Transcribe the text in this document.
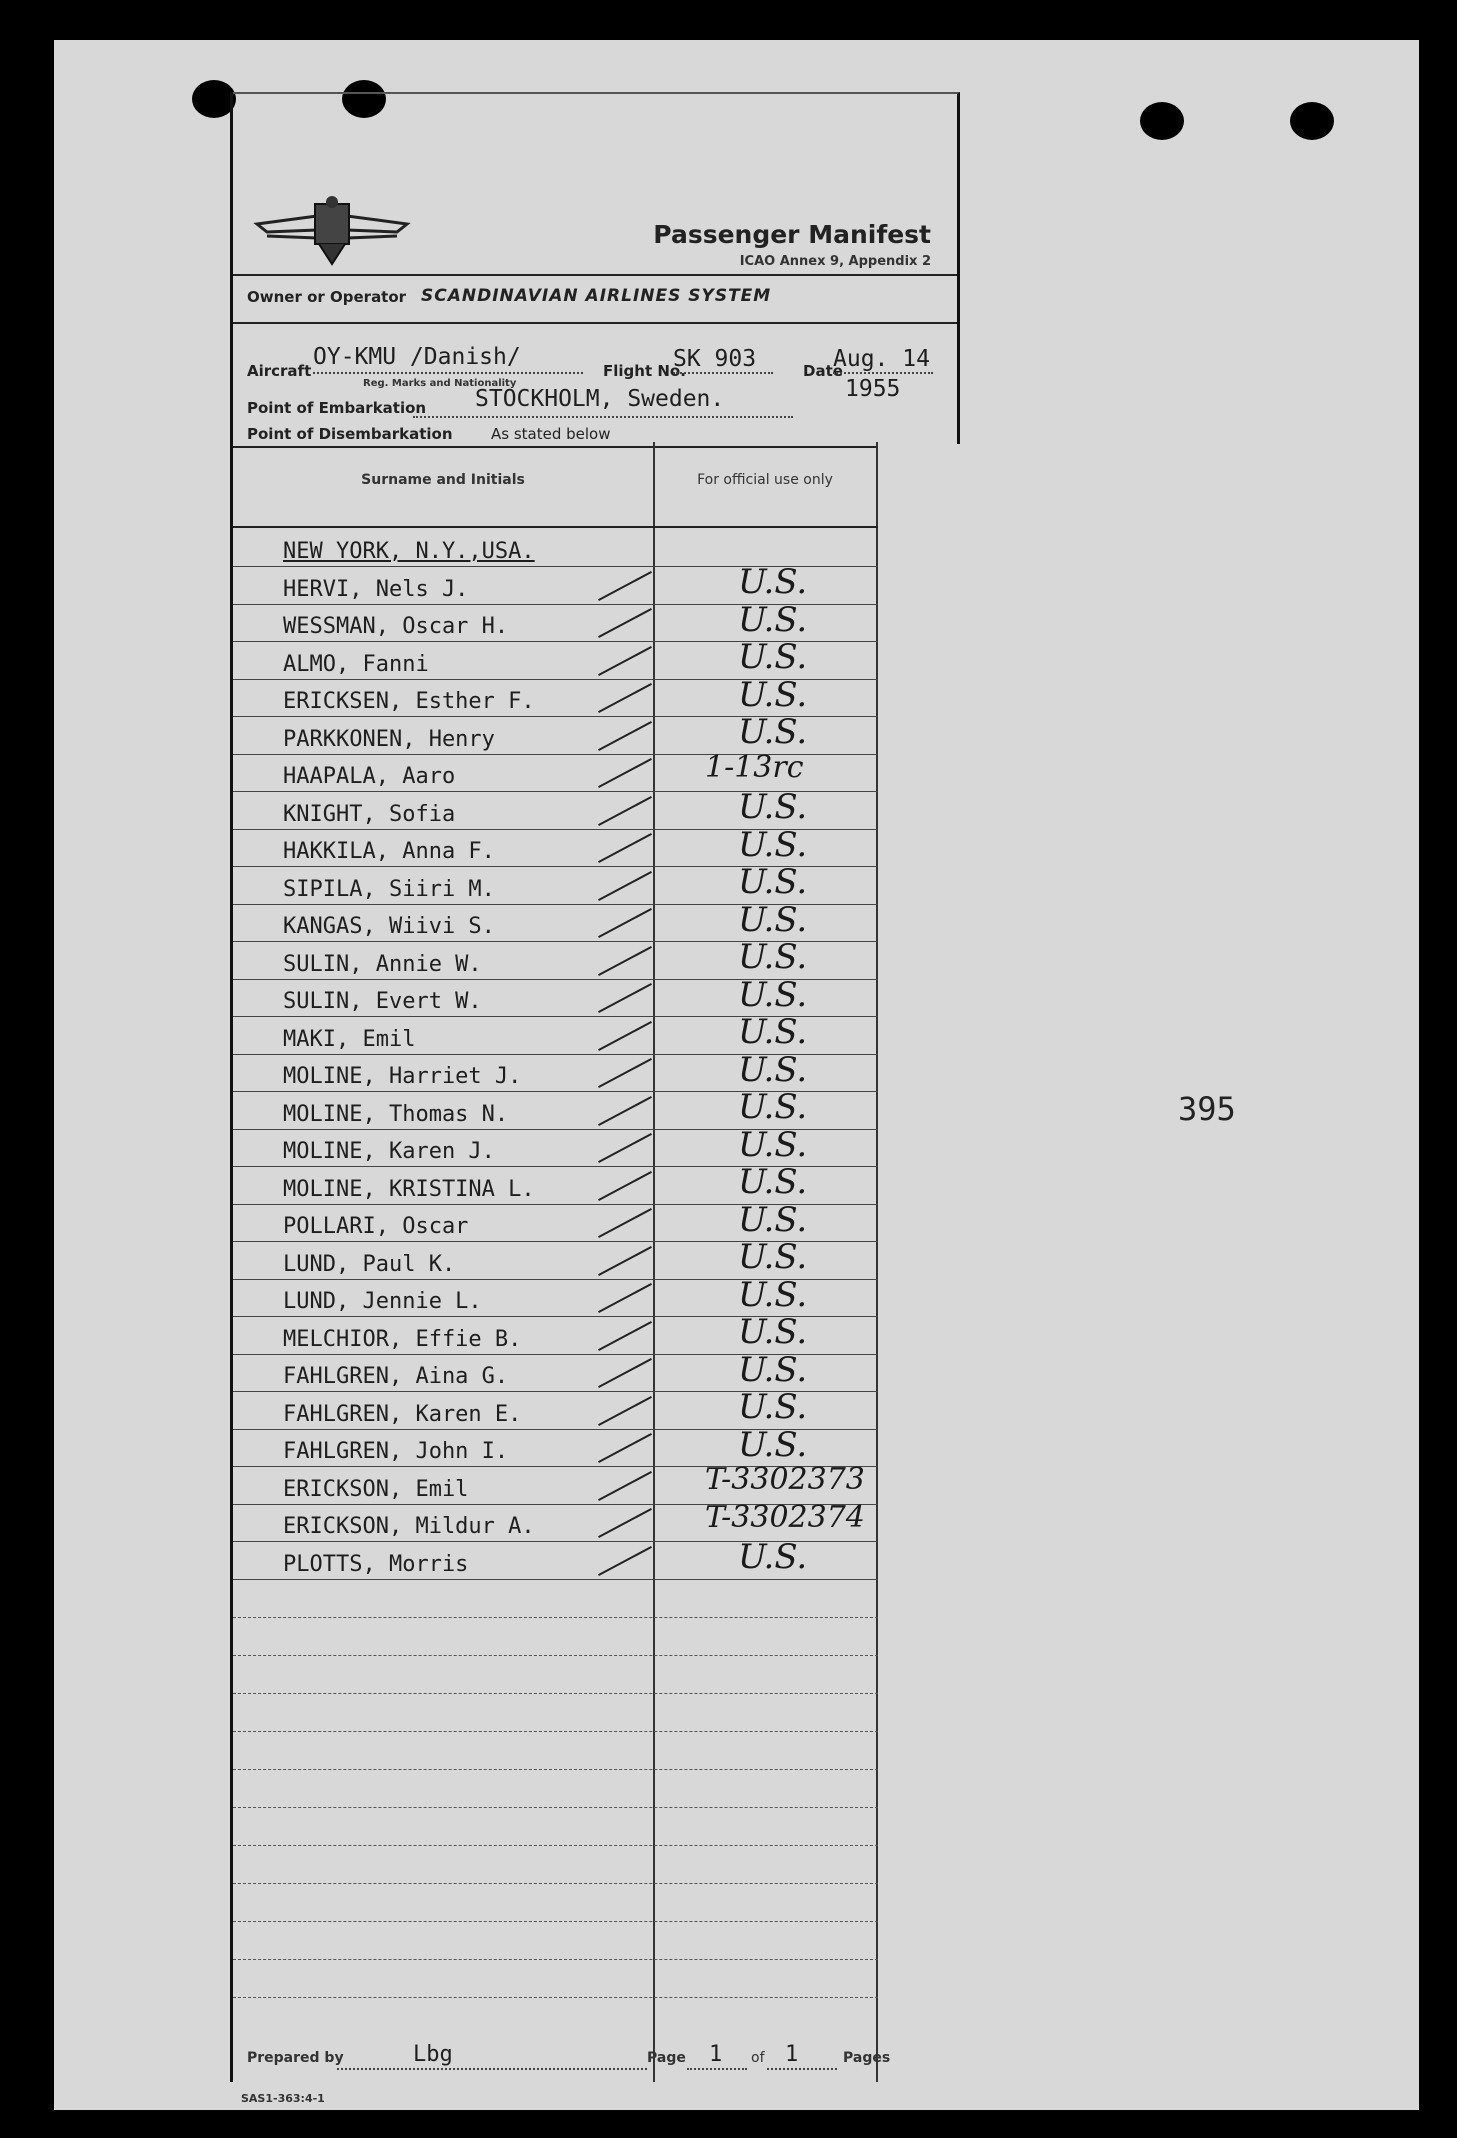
395
Passenger Manifest
ICAO Annex 9, Appendix 2
Owner or Operator SCANDINAVIAN AIRLINES SYSTEM
Aircraft
OY-KMU /Danish/
Reg. Marks and Nationality
Flight No.
SK 903	Date
Aug. 14
1955
Point of Embarkation STOCKHOLM, Sweden.
Point of Disembarkation	As stated below
Surname and Initials	For official use only
NEW YORK, N.Y.,USA.
HERVI, Nels J.	U.S.
WESSMAN, Oscar H.	U.S.
ALMO, Fanni	U.S.
ERICKSEN, Esther F.	U.S.
PARKKONEN, Henry	U.S.
HAAPALA, Aaro	1-13rc
KNIGHT, Sofia	U.S.
HAKKILA, Anna F.	U.S.
SIPILA, Siiri M.	U.S.
KANGAS, Wiivi S.	U.S.
SULIN, Annie W.	U.S.
SULIN, Evert W.	U.S.
MAKI, Emil	U.S.
MOLINE, Harriet J.	U.S.
MOLINE, Thomas N.	U.S.
MOLINE, Karen J.	U.S.
MOLINE, KRISTINA L.	U.S.
POLLARI, Oscar	U.S.
LUND, Paul K.	U.S.
LUND, Jennie L.	U.S.
MELCHIOR, Effie B.	U.S.
FAHLGREN, Aina G.	U.S.
FAHLGREN, Karen E.	U.S.
FAHLGREN, John I.	U.S.
ERICKSON, Emil	T-3302373
ERICKSON, Mildur A.	T-3302374
PLOTTS, Morris	U.S.
Prepared by	Lbg	Page 1 of 1	Pages
SAS1-363:4-1
